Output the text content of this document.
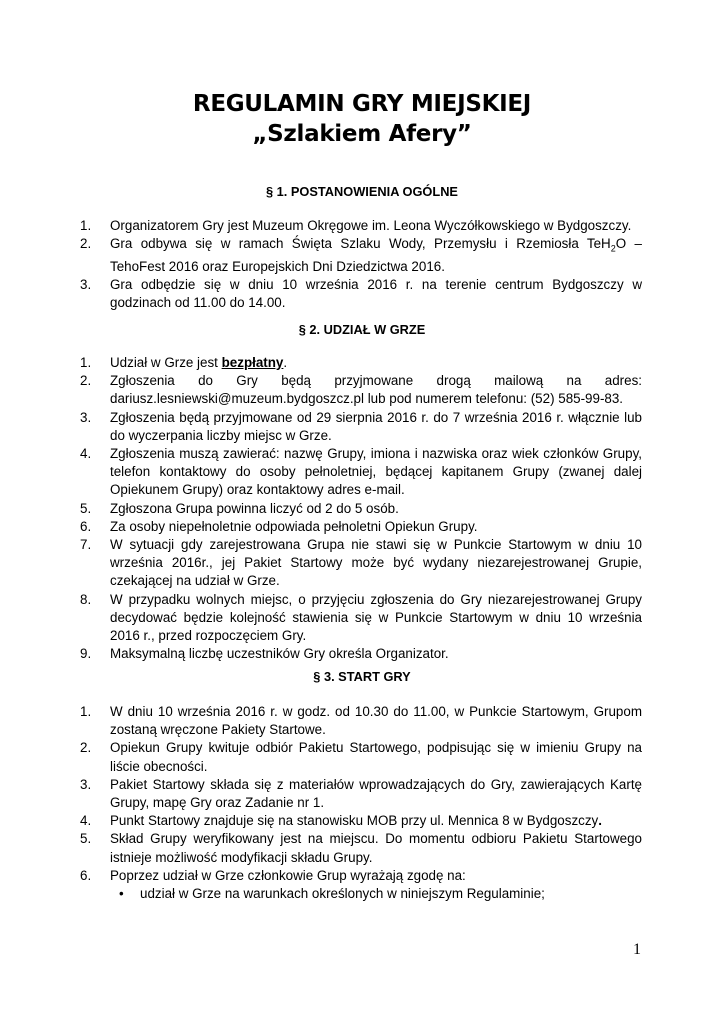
REGULAMIN GRY MIEJSKIEJ
„Szlakiem Afery”
§ 1. POSTANOWIENIA OGÓLNE
1. Organizatorem Gry jest Muzeum Okręgowe im. Leona Wyczółkowskiego w Bydgoszczy.
2. Gra odbywa się w ramach Święta Szlaku Wody, Przemysłu i Rzemiosła TeH$_2$O – TehoFest 2016 oraz Europejskich Dni Dziedzictwa 2016.
3. Gra odbędzie się w dniu 10 września 2016 r. na terenie centrum Bydgoszczy w godzinach od 11.00 do 14.00.
§ 2. UDZIAŁ W GRZE
1. Udział w Grze jest bezpłatny.
2. Zgłoszenia do Gry będą przyjmowane drogą mailową na adres: dariusz.lesniewski@muzeum.bydgoszcz.pl lub pod numerem telefonu: (52) 585-99-83.
3. Zgłoszenia będą przyjmowane od 29 sierpnia 2016 r. do 7 września 2016 r. włącznie lub do wyczerpania liczby miejsc w Grze.
4. Zgłoszenia muszą zawierać: nazwę Grupy, imiona i nazwiska oraz wiek członków Grupy, telefon kontaktowy do osoby pełnoletniej, będącej kapitanem Grupy (zwanej dalej Opiekunem Grupy) oraz kontaktowy adres e-mail.
5. Zgłoszona Grupa powinna liczyć od 2 do 5 osób.
6. Za osoby niepełnoletnie odpowiada pełnoletni Opiekun Grupy.
7. W sytuacji gdy zarejestrowana Grupa nie stawi się w Punkcie Startowym w dniu 10 września 2016r., jej Pakiet Startowy może być wydany niezarejestrowanej Grupie, czekającej na udział w Grze.
8. W przypadku wolnych miejsc, o przyjęciu zgłoszenia do Gry niezarejestrowanej Grupy decydować będzie kolejność stawienia się w Punkcie Startowym w dniu 10 września 2016 r., przed rozpoczęciem Gry.
9. Maksymalną liczbę uczestników Gry określa Organizator.
§ 3. START GRY
1. W dniu 10 września 2016 r. w godz. od 10.30 do 11.00, w Punkcie Startowym, Grupom zostaną wręczone Pakiety Startowe.
2. Opiekun Grupy kwituje odbiór Pakietu Startowego, podpisując się w imieniu Grupy na liście obecności.
3. Pakiet Startowy składa się z materiałów wprowadzających do Gry, zawierających Kartę Grupy, mapę Gry oraz Zadanie nr 1.
4. Punkt Startowy znajduje się na stanowisku MOB przy ul. Mennica 8 w Bydgoszczy.
5. Skład Grupy weryfikowany jest na miejscu. Do momentu odbioru Pakietu Startowego istnieje możliwość modyfikacji składu Grupy.
6. Poprzez udział w Grze członkowie Grup wyrażają zgodę na:
• udział w Grze na warunkach określonych w niniejszym Regulaminie;
1
